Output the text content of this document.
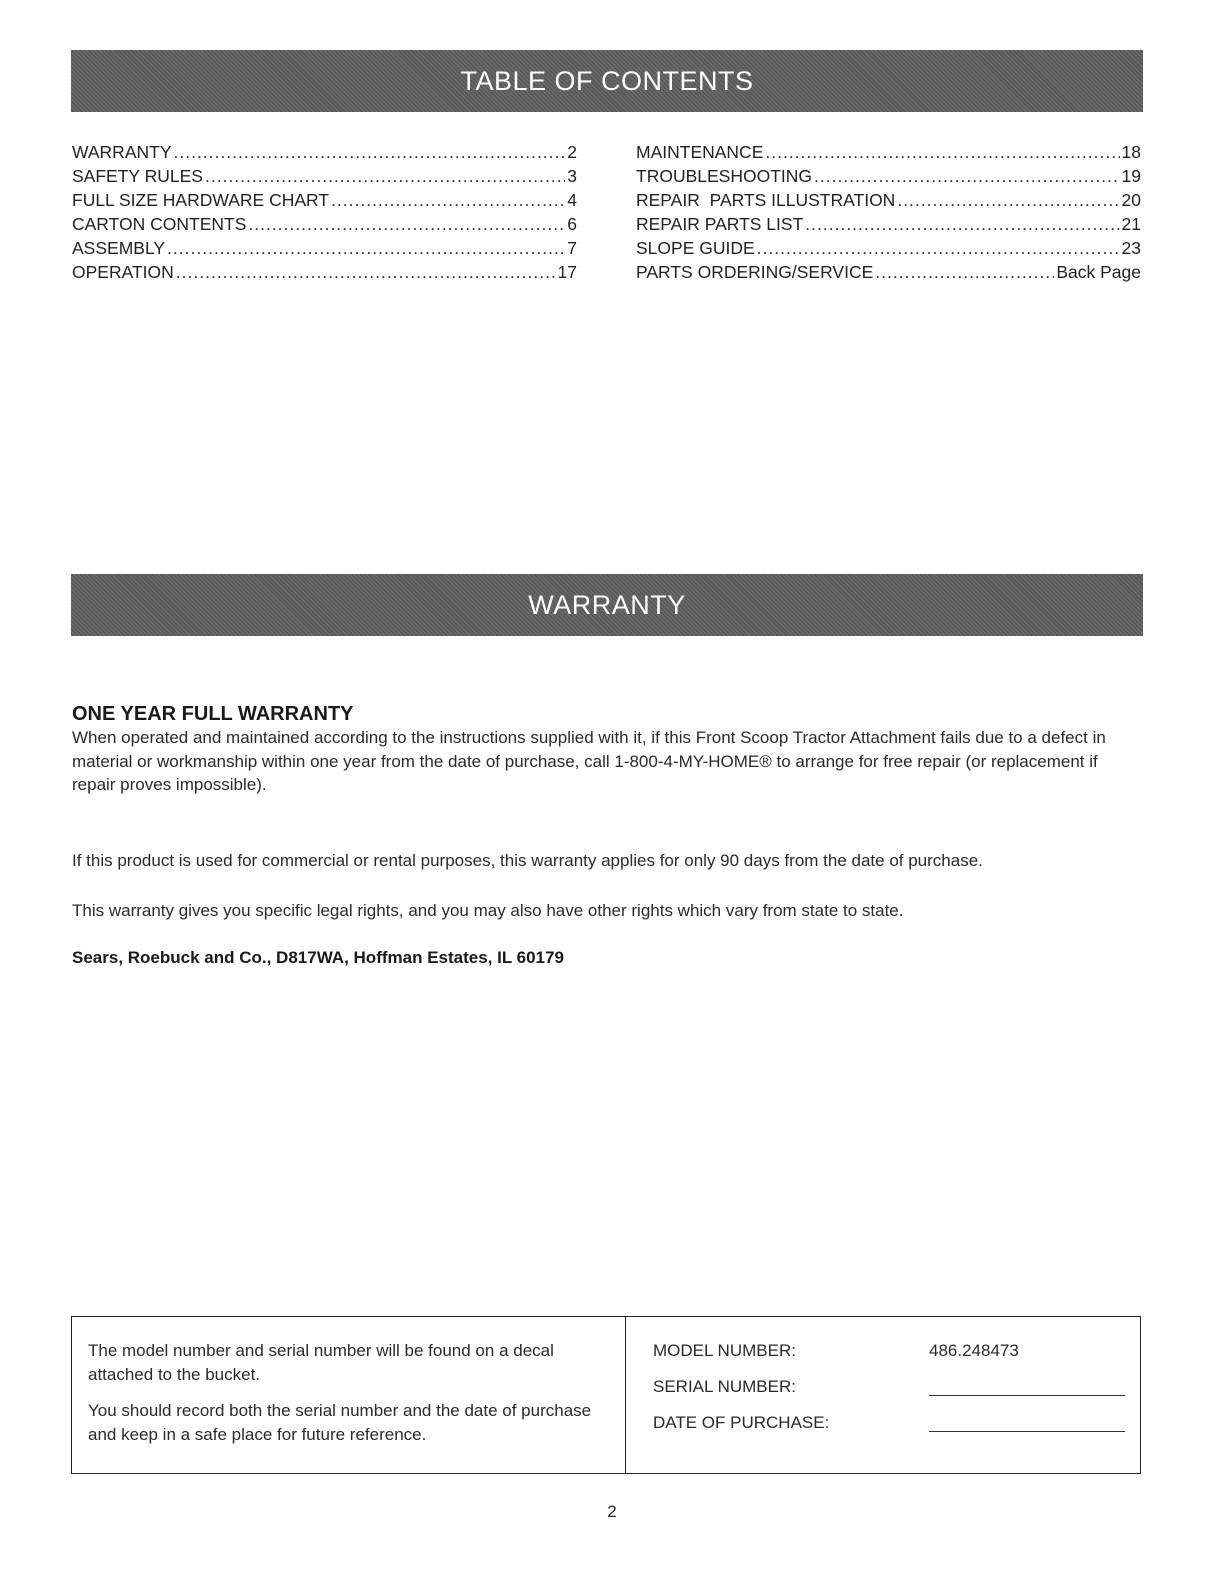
TABLE OF CONTENTS
WARRANTY .....	2
SAFETY RULES .....	3
FULL SIZE HARDWARE CHART .....	4
CARTON CONTENTS .....	6
ASSEMBLY .....	7
OPERATION .....	17
MAINTENANCE .....	18
TROUBLESHOOTING .....	19
REPAIR  PARTS ILLUSTRATION .....	20
REPAIR PARTS LIST .....	21
SLOPE GUIDE .....	23
PARTS ORDERING/SERVICE .....	Back Page
WARRANTY
ONE YEAR FULL WARRANTY

When operated and maintained according to the instructions supplied with it, if this Front Scoop Tractor Attachment fails due to a defect in material or workmanship within one year from the date of purchase, call 1-800-4-MY-HOME® to arrange for free repair (or replacement if repair proves impossible).

If this product is used for commercial or rental purposes, this warranty applies for only 90 days from the date of purchase.

This warranty gives you specific legal rights, and you may also have other rights which vary from state to state.

Sears, Roebuck and Co., D817WA, Hoffman Estates, IL 60179

The model number and serial number will be found on a decal attached to the bucket.

You should record both the serial number and the date of purchase and keep in a safe place for future reference.

MODEL NUMBER:	486.248473
SERIAL NUMBER:
DATE OF PURCHASE:
2
